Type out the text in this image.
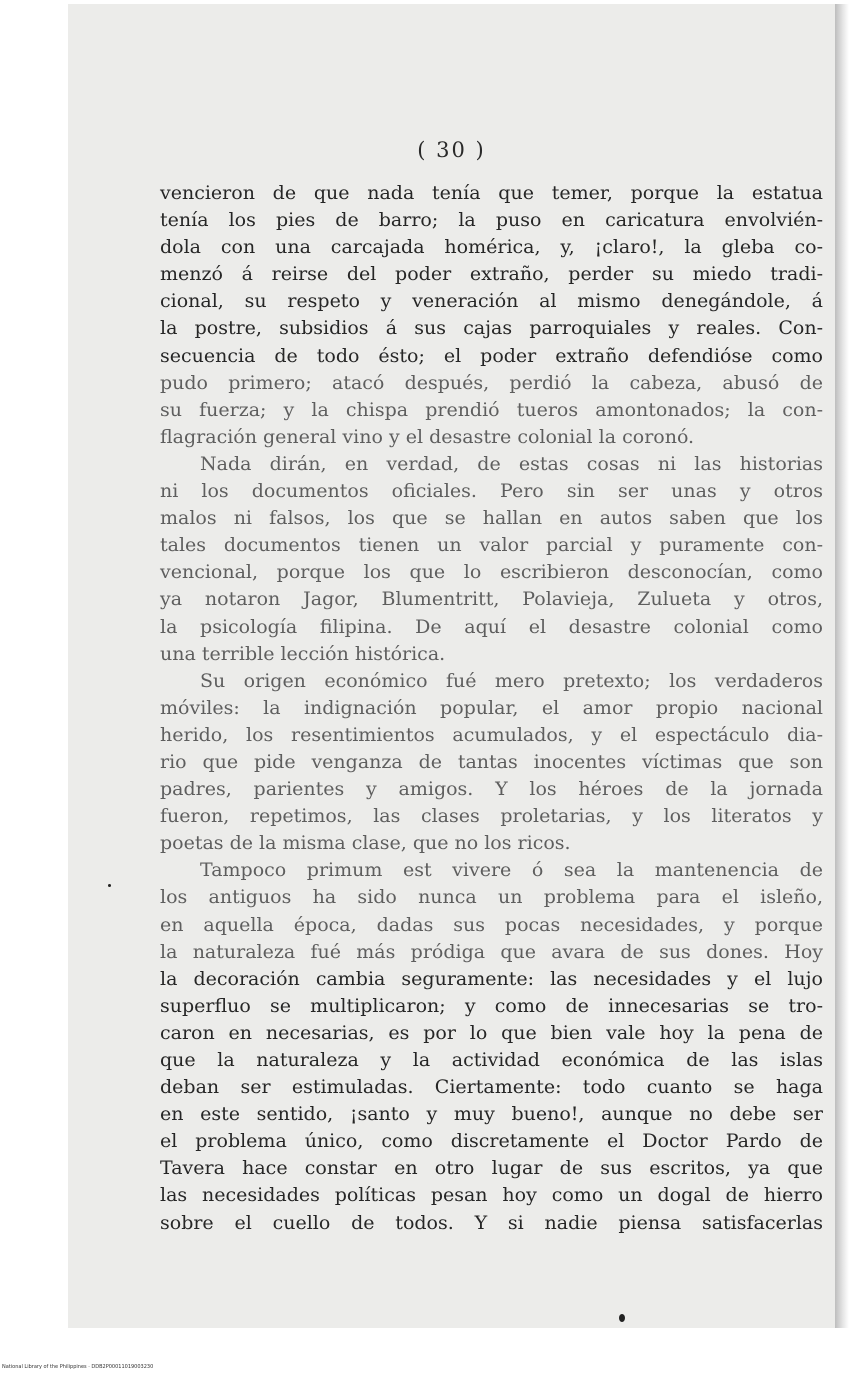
( 30 )
vencieron de que nada tenía que temer, porque la estatua
tenía los pies de barro; la puso en caricatura envolvién-
dola con una carcajada homérica, y, ¡claro!, la gleba co-
menzó á reirse del poder extraño, perder su miedo tradi-
cional, su respeto y veneración al mismo denegándole, á
la postre, subsidios á sus cajas parroquiales y reales. Con-
secuencia de todo ésto; el poder extraño defendióse como
pudo primero; atacó después, perdió la cabeza, abusó de
su fuerza; y la chispa prendió tueros amontonados; la con-
flagración general vino y el desastre colonial la coronó.
Nada dirán, en verdad, de estas cosas ni las historias
ni los documentos oficiales. Pero sin ser unas y otros
malos ni falsos, los que se hallan en autos saben que los
tales documentos tienen un valor parcial y puramente con-
vencional, porque los que lo escribieron desconocían, como
ya notaron Jagor, Blumentritt, Polavieja, Zulueta y otros,
la psicología filipina. De aquí el desastre colonial como
una terrible lección histórica.
Su origen económico fué mero pretexto; los verdaderos
móviles: la indignación popular, el amor propio nacional
herido, los resentimientos acumulados, y el espectáculo dia-
rio que pide venganza de tantas inocentes víctimas que son
padres, parientes y amigos. Y los héroes de la jornada
fueron, repetimos, las clases proletarias, y los literatos y
poetas de la misma clase, que no los ricos.
Tampoco primum est vivere ó sea la mantenencia de
los antiguos ha sido nunca un problema para el isleño,
en aquella época, dadas sus pocas necesidades, y porque
la naturaleza fué más pródiga que avara de sus dones. Hoy
la decoración cambia seguramente: las necesidades y el lujo
superfluo se multiplicaron; y como de innecesarias se tro-
caron en necesarias, es por lo que bien vale hoy la pena de
que la naturaleza y la actividad económica de las islas
deban ser estimuladas. Ciertamente: todo cuanto se haga
en este sentido, ¡santo y muy bueno!, aunque no debe ser
el problema único, como discretamente el Doctor Pardo de
Tavera hace constar en otro lugar de sus escritos, ya que
las necesidades políticas pesan hoy como un dogal de hierro
sobre el cuello de todos. Y si nadie piensa satisfacerlas
National Library of the Philippines · DDB2P00011019003230
